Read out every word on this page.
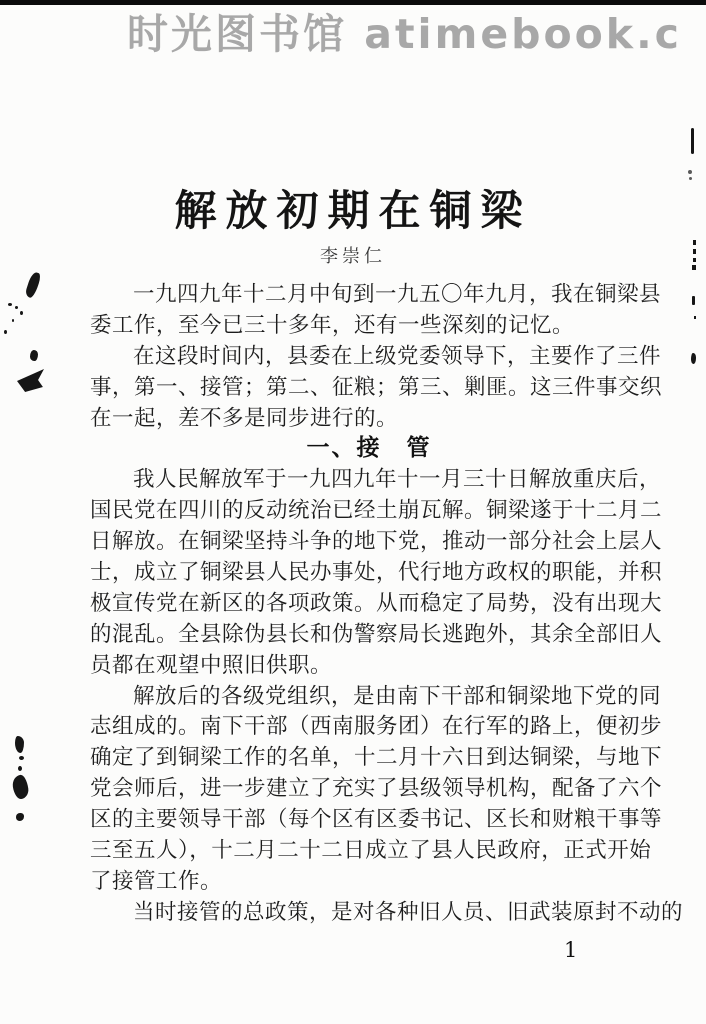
时光图书馆 atimebook.c
解放初期在铜梁
李崇仁
一九四九年十二月中旬到一九五〇年九月，我在铜梁县
委工作，至今已三十多年，还有一些深刻的记忆。
在这段时间内，县委在上级党委领导下，主要作了三件
事，第一、接管；第二、征粮；第三、剿匪。这三件事交织
在一起，差不多是同步进行的。
一、接　管
我人民解放军于一九四九年十一月三十日解放重庆后，
国民党在四川的反动统治已经土崩瓦解。铜梁遂于十二月二
日解放。在铜梁坚持斗争的地下党，推动一部分社会上层人
士，成立了铜梁县人民办事处，代行地方政权的职能，并积
极宣传党在新区的各项政策。从而稳定了局势，没有出现大
的混乱。全县除伪县长和伪警察局长逃跑外，其余全部旧人
员都在观望中照旧供职。
解放后的各级党组织，是由南下干部和铜梁地下党的同
志组成的。南下干部（西南服务团）在行军的路上，便初步
确定了到铜梁工作的名单，十二月十六日到达铜梁，与地下
党会师后，进一步建立了充实了县级领导机构，配备了六个
区的主要领导干部（每个区有区委书记、区长和财粮干事等
三至五人），十二月二十二日成立了县人民政府，正式开始
了接管工作。
当时接管的总政策，是对各种旧人员、旧武装原封不动的
1
